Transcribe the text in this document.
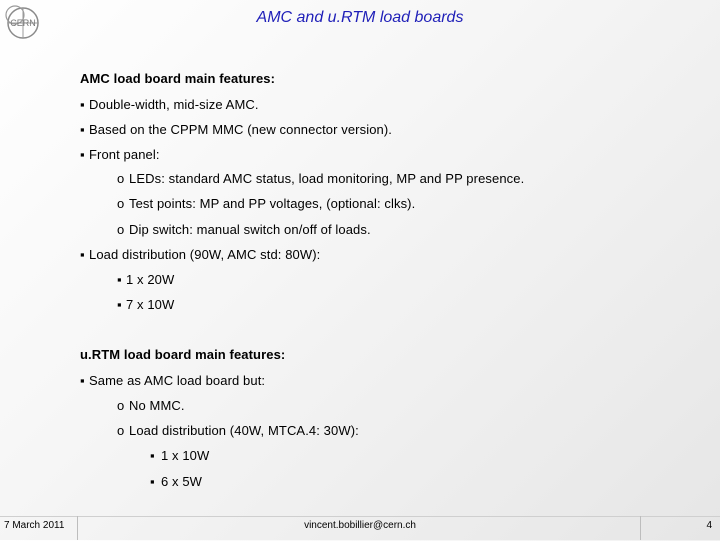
CERN	AMC and u.RTM load boards
AMC load board main features:
▪ Double-width, mid-size AMC.
▪ Based on the CPPM MMC (new connector version).
▪ Front panel:
o LEDs: standard AMC status, load monitoring, MP and PP presence.
o Test points: MP and PP voltages, (optional: clks).
o Dip switch: manual switch on/off of loads.
▪ Load distribution (90W, AMC std: 80W):
▪ 1 x 20W
▪ 7 x 10W
u.RTM load board main features:
▪ Same as AMC load board but:
o No MMC.
o Load distribution (40W, MTCA.4: 30W):
▪ 1 x 10W
▪ 6 x 5W
7 March 2011	vincent.bobillier@cern.ch	4
